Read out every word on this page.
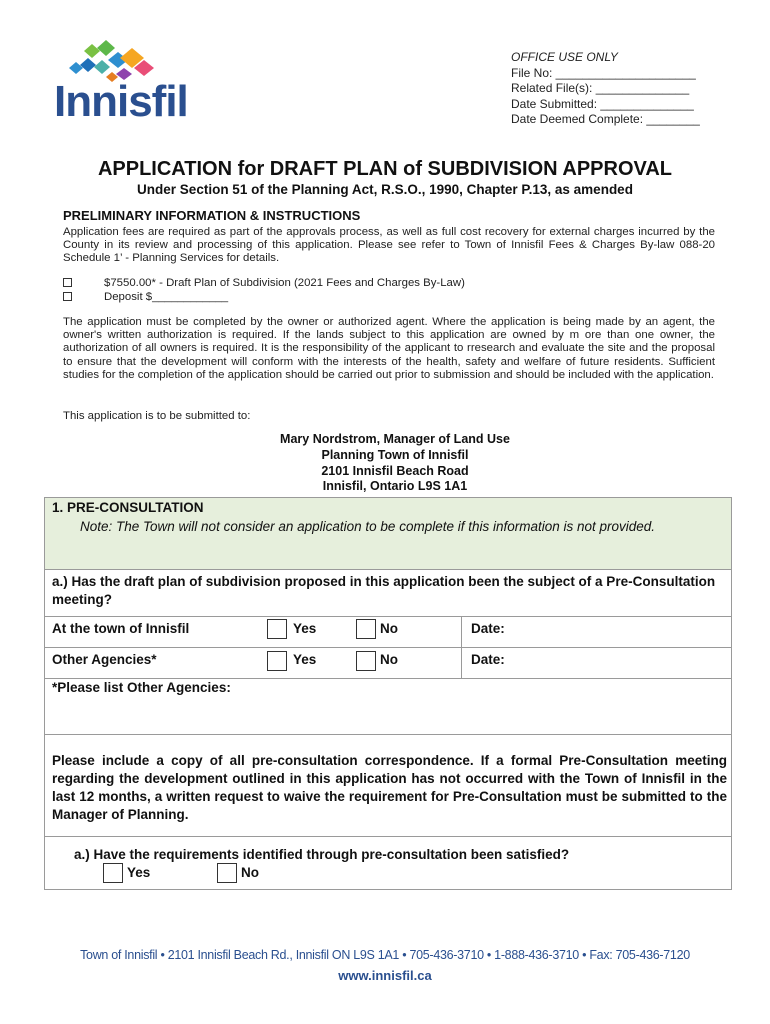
Innisfil
OFFICE USE ONLY
File No: _____________________
Related File(s): ______________
Date Submitted: ______________
Date Deemed Complete: ________
APPLICATION for DRAFT PLAN of SUBDIVISION APPROVAL
Under Section 51 of the Planning Act, R.S.O., 1990, Chapter P.13, as amended
PRELIMINARY INFORMATION & INSTRUCTIONS
Application fees are required as part of the approvals process, as well as full cost recovery for external charges incurred by the County in its review and processing of this application. Please see refer to Town of Innisfil Fees & Charges By-law 088-20 Schedule 1’ - Planning Services for details.
$7550.00* - Draft Plan of Subdivision (2021 Fees and Charges By-Law)
Deposit $____________
The application must be completed by the owner or authorized agent. Where the application is being made by an agent, the owner's written authorization is required. If the lands subject to this application are owned by m ore than one owner, the authorization of all owners is required. It is the responsibility of the applicant to rresearch and evaluate the site and the proposal to ensure that the development will conform with the interests of the health, safety and welfare of future residents. Sufficient studies for the completion of the application should be carried out prior to submission and should be included with the application.
This application is to be submitted to:
Mary Nordstrom, Manager of Land Use
Planning Town of Innisfil
2101 Innisfil Beach Road
Innisfil, Ontario L9S 1A1
1. PRE-CONSULTATION
Note: The Town will not consider an application to be complete if this information is not provided.
a.) Has the draft plan of subdivision proposed in this application been the subject of a Pre-Consultation meeting?
At the town of Innisfil	Yes	No	Date:
Other Agencies*	Yes	No	Date:
*Please list Other Agencies:
Please include a copy of all pre-consultation correspondence. If a formal Pre-Consultation meeting regarding the development outlined in this application has not occurred with the Town of Innisfil in the last 12 months, a written request to waive the requirement for Pre-Consultation must be submitted to the Manager of Planning.
a.) Have the requirements identified through pre-consultation been satisfied?
Yes	No
Town of Innisfil • 2101 Innisfil Beach Rd., Innisfil ON L9S 1A1 • 705-436-3710 • 1-888-436-3710 • Fax: 705-436-7120
www.innisfil.ca
